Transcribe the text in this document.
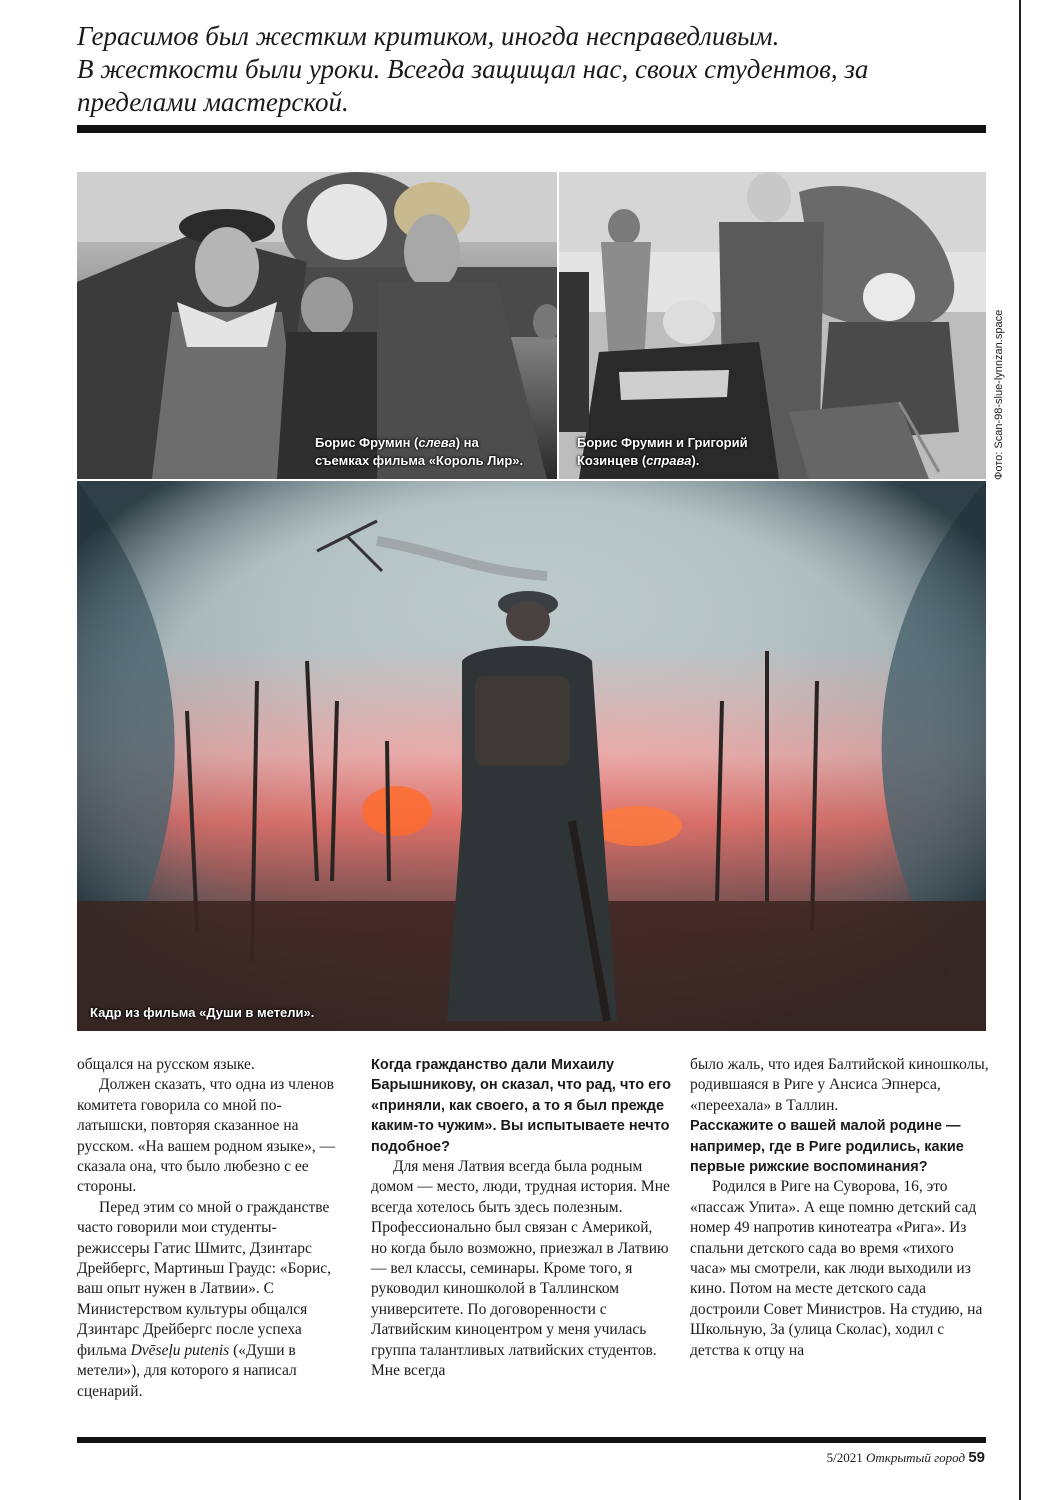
Герасимов был жестким критиком, иногда несправедливым.
В жесткости были уроки. Всегда защищал нас, своих студентов, за
пределами мастерской.

Борис Фрумин (слева) на
съемках фильма «Король Лир».
Борис Фрумин и Григорий
Козинцев (справа).	Фото: Scan-98-slue-lynnzan.space
Кадр из фильма «Души в метели».

общался на русском языке.

Должен сказать, что одна из членов комитета говорила со мной по-латышски, повторяя сказанное на русском. «На вашем родном языке», — сказала она, что было любезно с ее стороны.

Перед этим со мной о гражданстве часто говорили мои студенты-режиссеры Гатис Шмитс, Дзинтарс Дрейбергс, Мартиньш Граудс: «Борис, ваш опыт нужен в Латвии». С Министерством культуры общался Дзинтарс Дрейбергс после успеха фильма Dvēseļu putenis («Души в метели»), для которого я написал сценарий.

Когда гражданство дали Михаилу Барышникову, он сказал, что рад, что его «приняли, как своего, а то я был прежде каким-то чужим». Вы испытываете нечто подобное?

Для меня Латвия всегда была родным домом — место, люди, трудная история. Мне всегда хотелось быть здесь полезным. Профессионально был связан с Америкой, но когда было возможно, приезжал в Латвию — вел классы, семинары. Кроме того, я руководил киношколой в Таллинском университете. По договоренности с Латвийским киноцентром у меня училась группа талантливых латвийских студентов. Мне всегда

было жаль, что идея Балтийской киношколы, родившаяся в Риге у Ансиса Эпнерса, «переехала» в Таллин.

Расскажите о вашей малой родине — например, где в Риге родились, какие первые рижские воспоминания?

Родился в Риге на Суворова, 16, это «пассаж Упита». А еще помню детский сад номер 49 напротив кинотеатра «Рига». Из спальни детского сада во время «тихого часа» мы смотрели, как люди выходили из кино. Потом на месте детского сада достроили Совет Министров. На студию, на Школьную, 3a (улица Сколас), ходил с детства к отцу на

5/2021 Открытый город 59
